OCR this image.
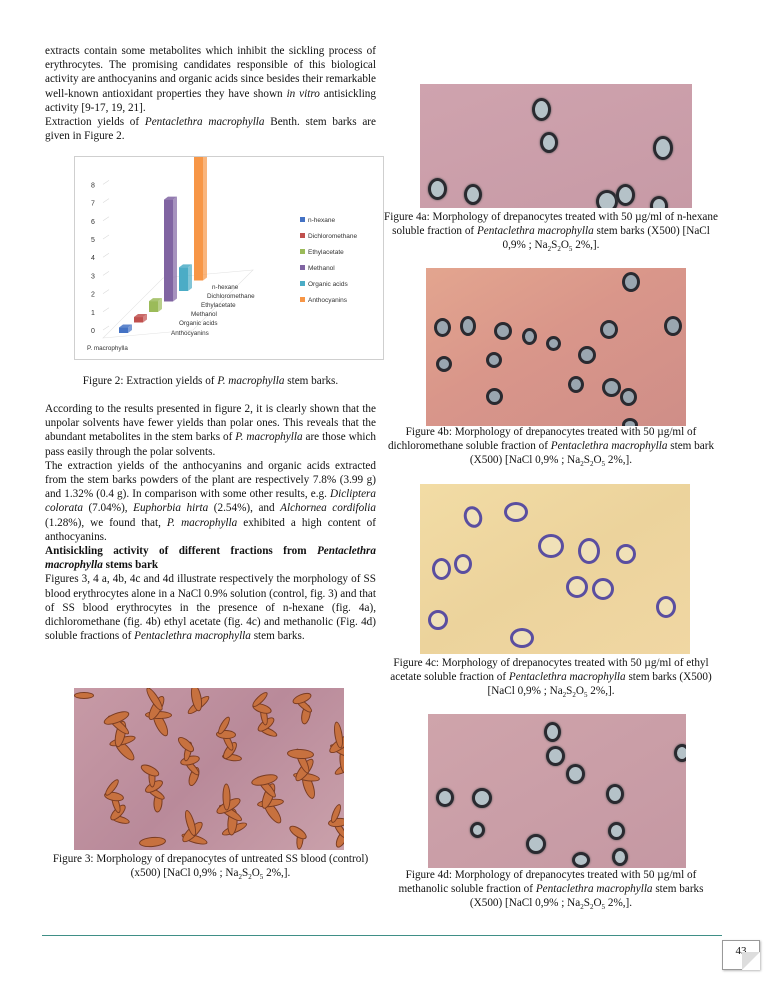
extracts contain some metabolites which inhibit the sickling process of erythrocytes. The promising candidates responsible of this biological activity are anthocyanins and organic acids since besides their remarkable well-known antioxidant properties they have shown in vitro antisickling activity [9-17, 19, 21].

Extraction yields of Pentaclethra macrophylla Benth. stem barks are given in Figure 2.

0
1
2
3
4
5
6
7
8
Anthocyanins
Organic acids
Methanol
Ethylacetate
Dichloromethane
n-hexane
P. macrophylla
n-hexane
Dichloromethane
Ethylacetate
Methanol
Organic acids
Anthocyanins
Figure 2: Extraction yields of P. macrophylla stem barks.

According to the results presented in figure 2, it is clearly shown that the unpolar solvents have fewer yields than polar ones. This reveals that the abundant metabolites in the stem barks of P. macrophylla are those which pass easily through the polar solvents.

The extraction yields of the anthocyanins and organic acids extracted from the stem barks powders of the plant are respectively 7.8% (3.99 g) and 1.32% (0.4 g). In comparison with some other results, e.g. Dicliptera colorata (7.04%), Euphorbia hirta (2.54%), and Alchornea cordifolia (1.28%), we found that, P. macrophylla exhibited a high content of anthocyanins.

Antisickling activity of different fractions from Pentaclethra macrophylla stems bark

Figures 3, 4 a, 4b, 4c and 4d illustrate respectively the morphology of SS blood erythrocytes alone in a NaCl 0.9% solution (control, fig. 3) and that of SS blood erythrocytes in the presence of n-hexane (fig. 4a), dichloromethane (fig. 4b) ethyl acetate (fig. 4c) and methanolic (Fig. 4d) soluble fractions of Pentaclethra macrophylla stem barks.

Figure 3: Morphology of drepanocytes of untreated SS blood (control) (x500) [NaCl 0,9% ; $Na_2S_2O_5$ 2%,].
Figure 4a: Morphology of drepanocytes treated with 50 µg/ml of n-hexane soluble fraction of Pentaclethra macrophylla stem barks (X500) [NaCl 0,9% ; $Na_2S_2O_5$ 2%,].
Figure 4b: Morphology of drepanocytes treated with 50 µg/ml of dichloromethane soluble fraction of Pentaclethra macrophylla stem bark (X500) [NaCl 0,9% ; $Na_2S_2O_5$ 2%,].
Figure 4c: Morphology of drepanocytes treated with 50 µg/ml of ethyl acetate soluble fraction of Pentaclethra macrophylla stem barks (X500) [NaCl 0,9% ; $Na_2S_2O_5$ 2%,].
Figure 4d: Morphology of drepanocytes treated with 50 µg/ml of methanolic soluble fraction of Pentaclethra macrophylla stem barks (X500) [NaCl 0,9% ; $Na_2S_2O_5$ 2%,].
43
